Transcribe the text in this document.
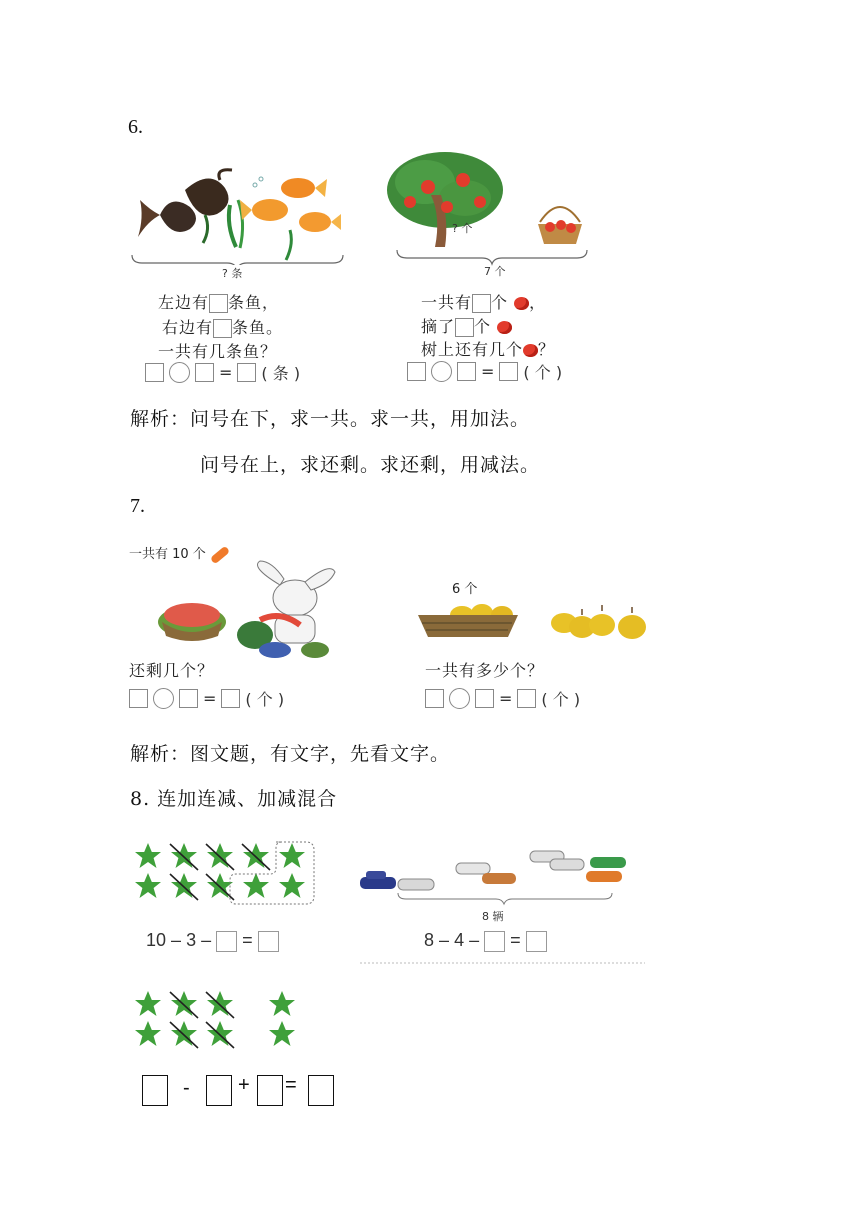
6.
? 条
左边有 条鱼，
右边有 条鱼。
一共有几条鱼？
= ( 条 )
? 个
7 个
一共有 个 ，
摘了 个
树上还有几个 ？
= ( 个 )
解析：问号在下，求一共。求一共，用加法。
问号在上，求还剩。求还剩，用减法。
7.
一共有 10 个
还剩几个？
= ( 个 )
6 个
一共有多少个？
= ( 个 )
解析：图文题，有文字，先看文字。
8. 连加连减、加减混合
10 – 3 – =
8 辆
8 – 4 – =
- + =
